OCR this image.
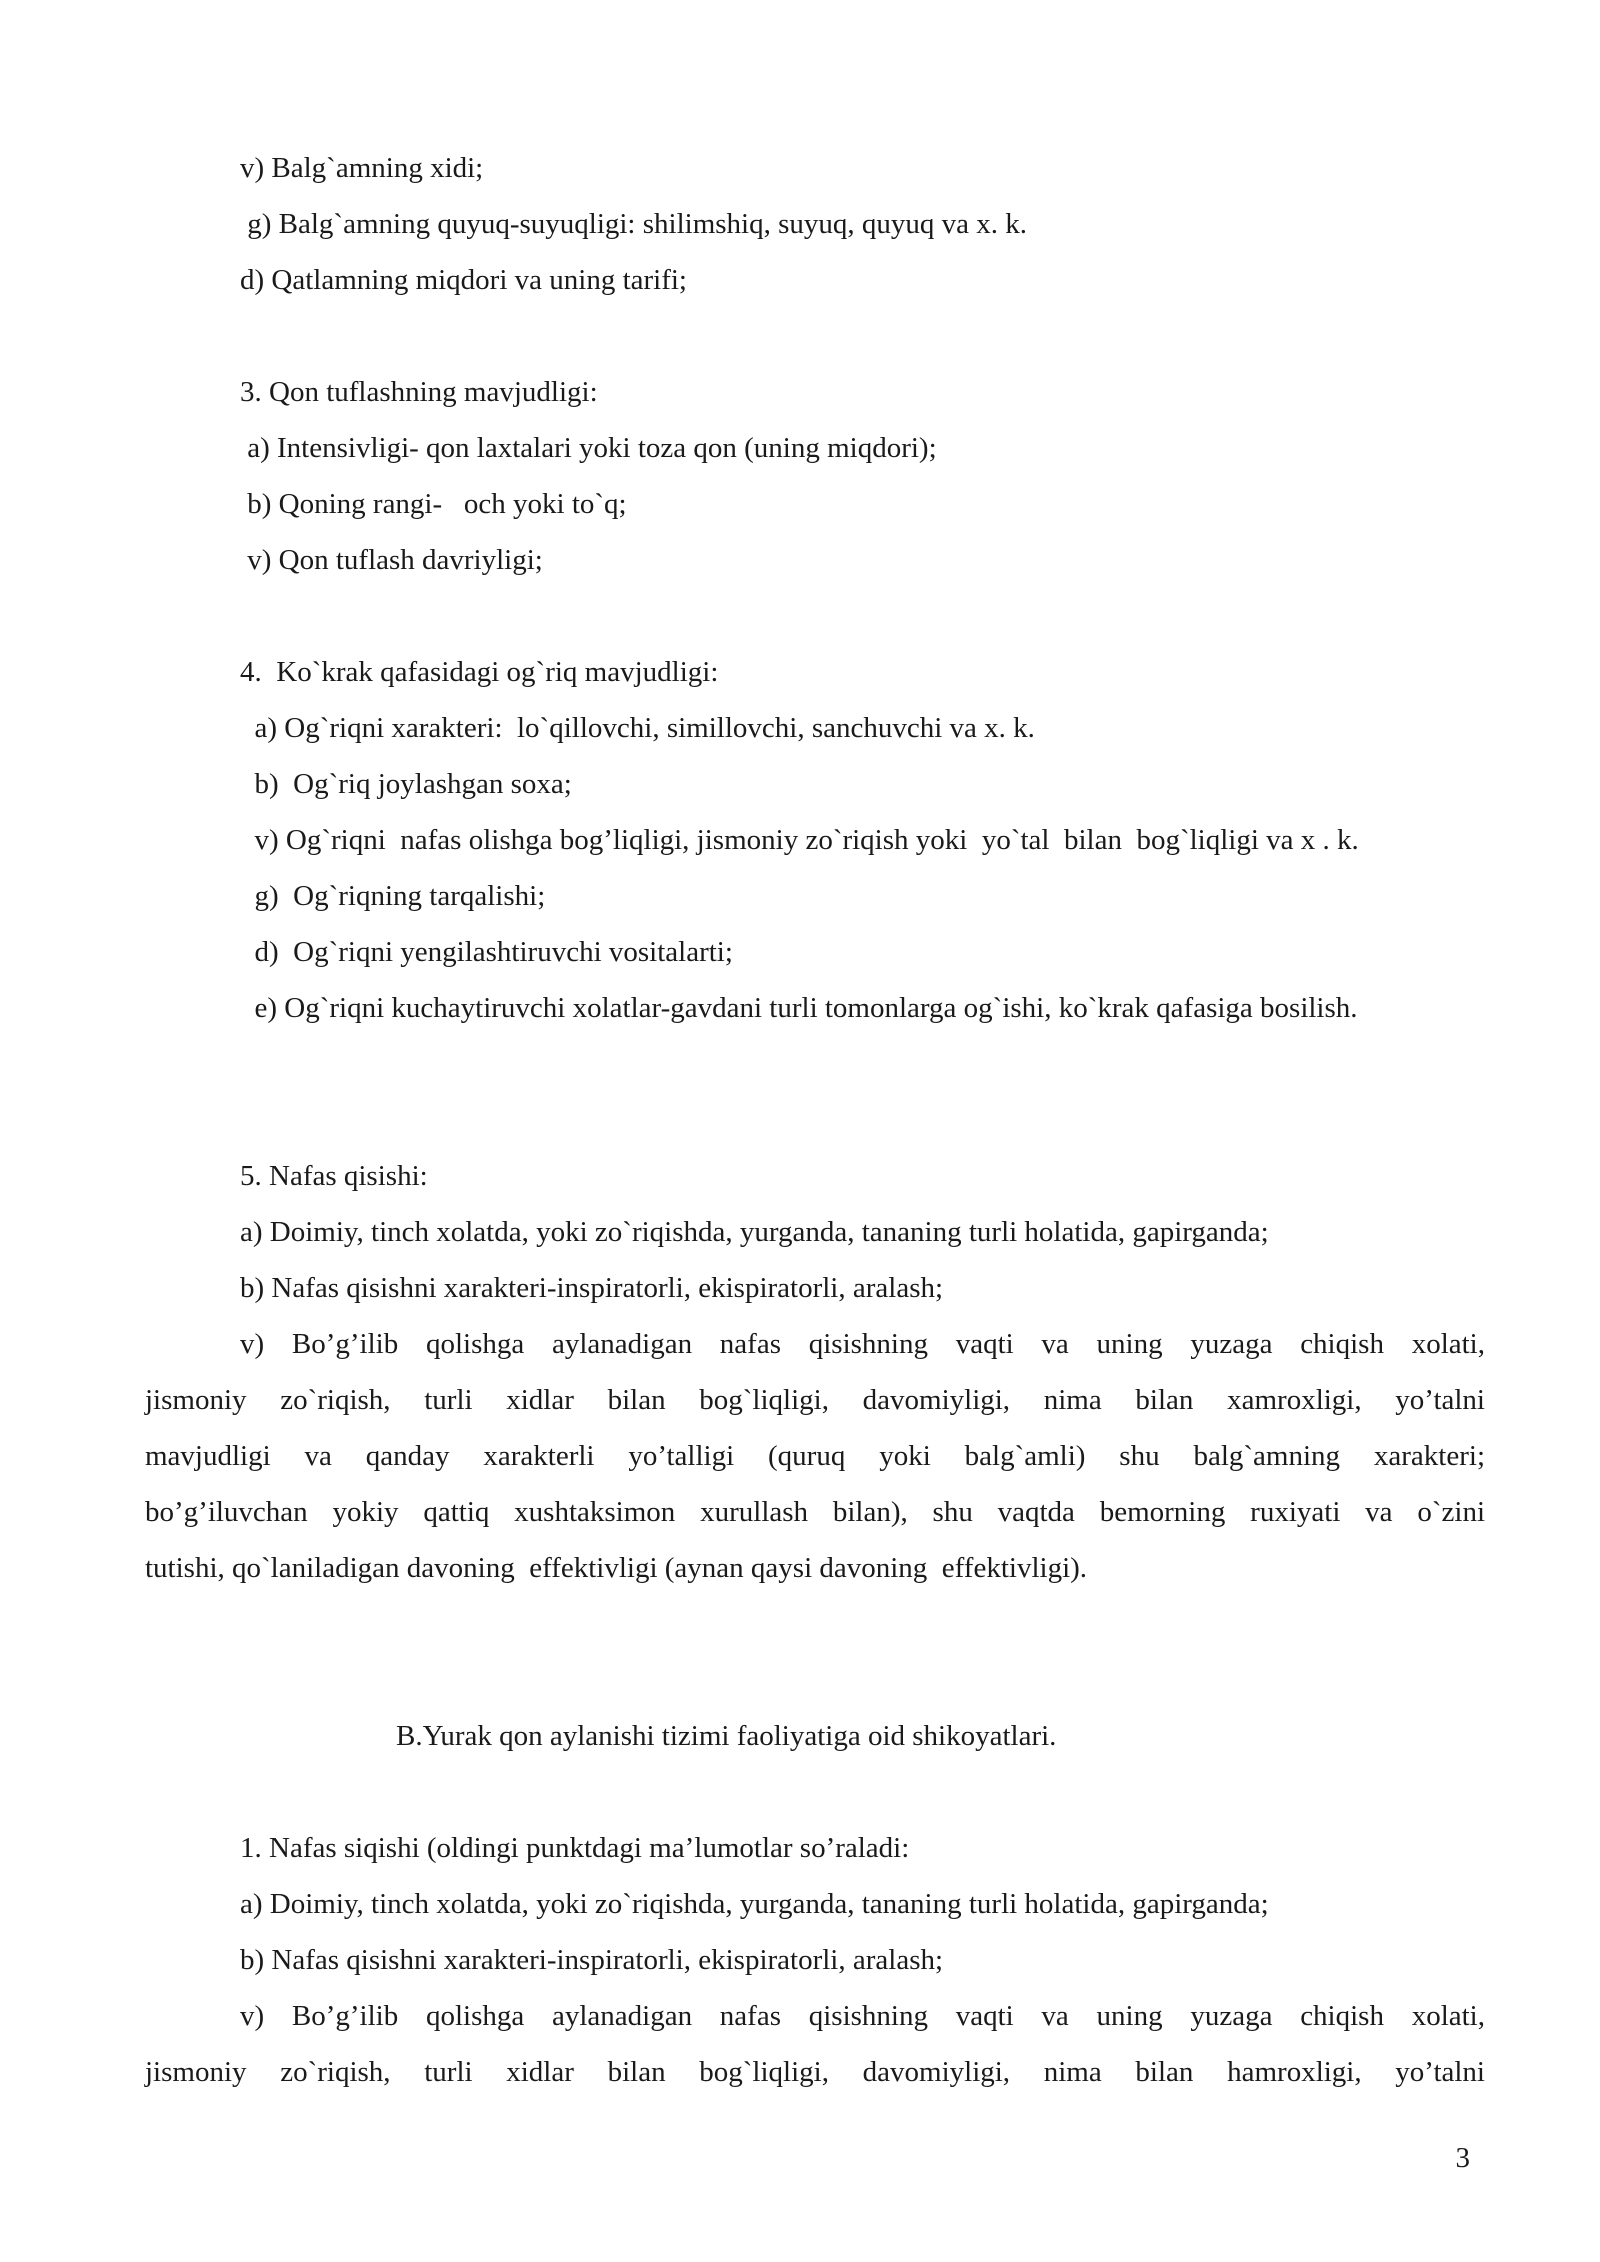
v) Balg`amning xidi;
g) Balg`amning quyuq-suyuqligi: shilimshiq, suyuq, quyuq va x. k.
d) Qatlamning miqdori va uning tarifi;
3. Qon tuflashning mavjudligi:
a) Intensivligi- qon laxtalari yoki toza qon (uning miqdori);
b) Qoning rangi-   och yoki to`q;
v) Qon tuflash davriyligi;
4.  Ko`krak qafasidagi og`riq mavjudligi:
a) Og`riqni xarakteri:  lo`qillovchi, simillovchi, sanchuvchi va x. k.
b)  Og`riq joylashgan soxa;
v) Og`riqni  nafas olishga bog’liqligi, jismoniy zo`riqish yoki  yo`tal  bilan  bog`liqligi va x . k.
g)  Og`riqning tarqalishi;
d)  Og`riqni yengilashtiruvchi vositalarti;
e) Og`riqni kuchaytiruvchi xolatlar-gavdani turli tomonlarga og`ishi, ko`krak qafasiga bosilish.
5. Nafas qisishi:
a) Doimiy, tinch xolatda, yoki zo`riqishda, yurganda, tananing turli holatida, gapirganda;
b) Nafas qisishni xarakteri-inspiratorli, ekispiratorli, aralash;
v) Bo’g’ilib qolishga aylanadigan nafas qisishning vaqti va uning yuzaga chiqish xolati,
jismoniy zo`riqish, turli xidlar bilan bog`liqligi, davomiyligi, nima bilan xamroxligi, yo’talni
mavjudligi va qanday xarakterli yo’talligi (quruq yoki balg`amli) shu balg`amning xarakteri;
bo’g’iluvchan yokiy qattiq xushtaksimon xurullash bilan), shu vaqtda bemorning ruxiyati va o`zini
tutishi, qo`laniladigan davoning  effektivligi (aynan qaysi davoning  effektivligi).
B.Yurak qon aylanishi tizimi faoliyatiga oid shikoyatlari.
1. Nafas siqishi (oldingi punktdagi ma’lumotlar so’raladi:
a) Doimiy, tinch xolatda, yoki zo`riqishda, yurganda, tananing turli holatida, gapirganda;
b) Nafas qisishni xarakteri-inspiratorli, ekispiratorli, aralash;
v) Bo’g’ilib qolishga aylanadigan nafas qisishning vaqti va uning yuzaga chiqish xolati,
jismoniy zo`riqish, turli xidlar bilan bog`liqligi, davomiyligi, nima bilan hamroxligi, yo’talni
3
